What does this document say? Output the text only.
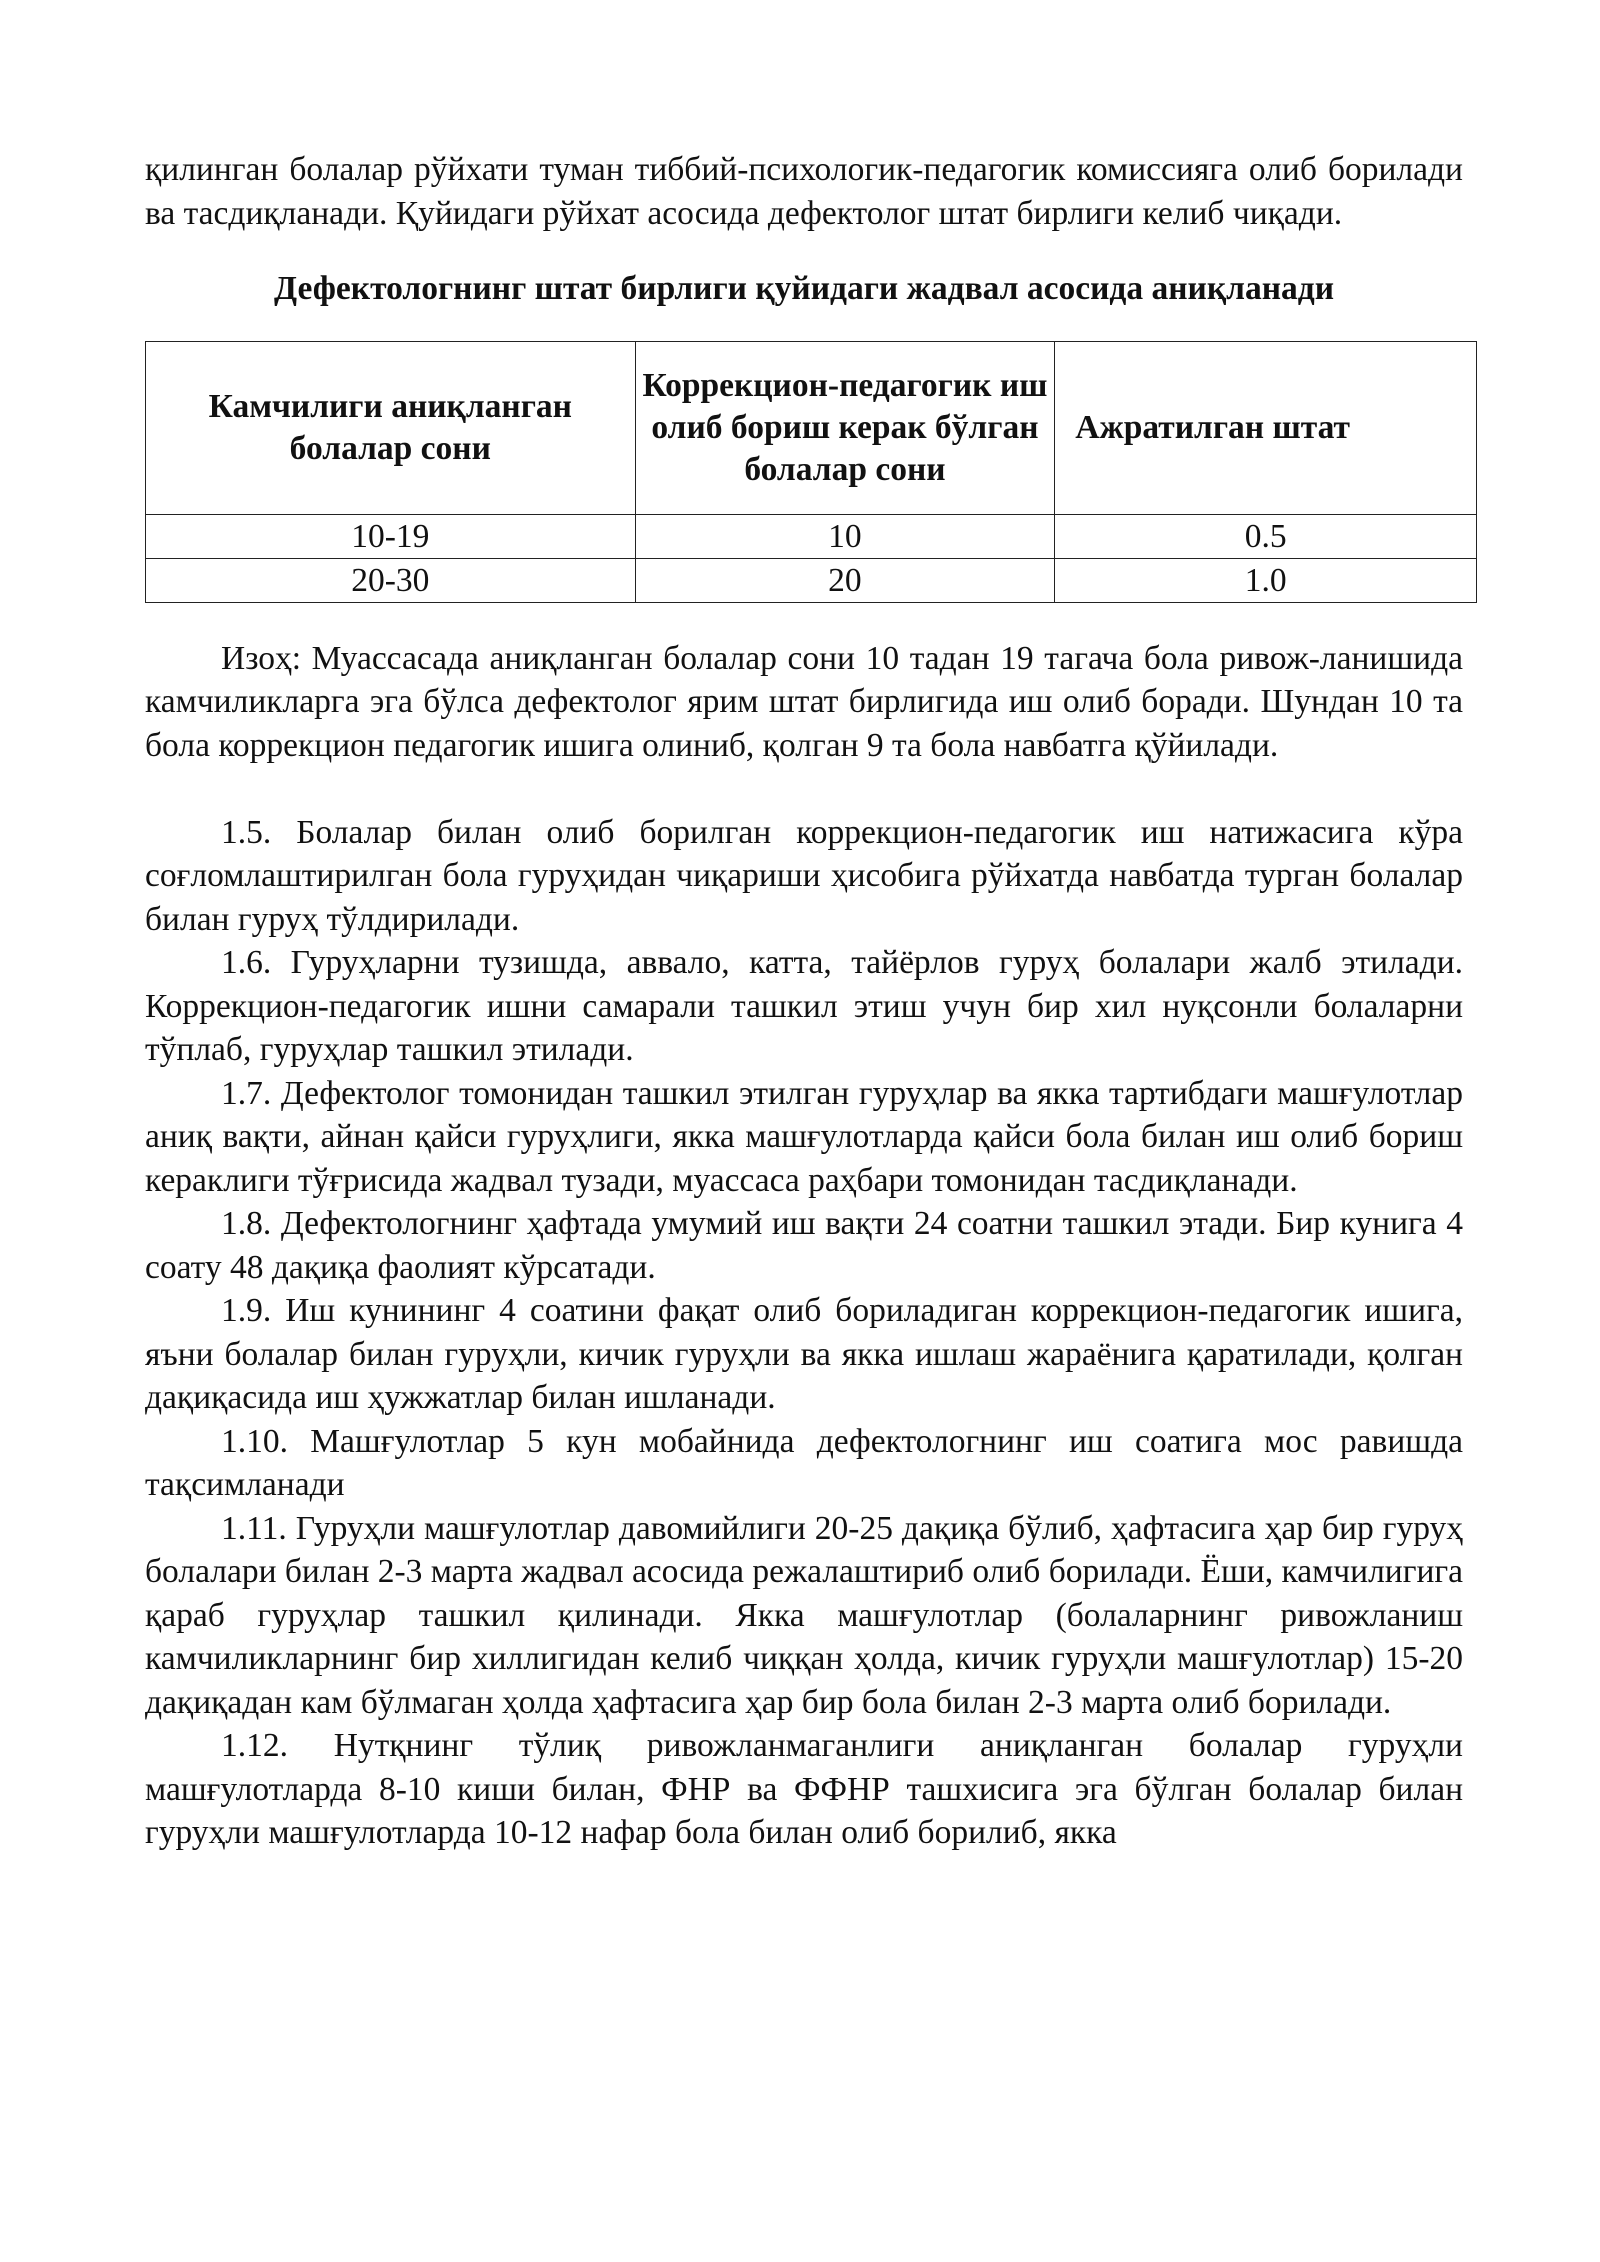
қилинган болалар рўйхати туман тиббий-психологик-педагогик комиссияга олиб борилади ва тасдиқланади. Қуйидаги рўйхат асосида дефектолог штат бирлиги келиб чиқади.

Дефектологнинг штат бирлиги қуйидаги жадвал асосида аниқланади

Камчилиги аниқланган болалар сони	Коррекцион-педагогик иш олиб бориш керак бўлган болалар сони	Ажратилган штат
10-19	10	0.5
20-30	20	1.0

Изоҳ: Муассасада аниқланган болалар сони 10 тадан 19 тагача бола ривож-ланишида камчиликларга эга бўлса дефектолог ярим штат бирлигида иш олиб боради. Шундан 10 та бола коррекцион педагогик ишига олиниб, қолган 9 та бола навбатга қўйилади.

1.5. Болалар билан олиб борилган коррекцион-педагогик иш натижасига кўра соғломлаштирилган бола гуруҳидан чиқариши ҳисобига рўйхатда навбатда турган болалар билан гуруҳ тўлдирилади.

1.6. Гуруҳларни тузишда, аввало, катта, тайёрлов гуруҳ болалари жалб этилади. Коррекцион-педагогик ишни самарали ташкил этиш учун бир хил нуқсонли болаларни тўплаб, гуруҳлар ташкил этилади.

1.7. Дефектолог томонидан ташкил этилган гуруҳлар ва якка тартибдаги машғулотлар аниқ вақти, айнан қайси гуруҳлиги, якка машғулотларда қайси бола билан иш олиб бориш кераклиги тўғрисида жадвал тузади, муассаса раҳбари томонидан тасдиқланади.

1.8. Дефектологнинг ҳафтада умумий иш вақти 24 соатни ташкил этади. Бир кунига 4 соату 48 дақиқа фаолият кўрсатади.

1.9. Иш кунининг 4 соатини фақат олиб бориладиган коррекцион-педагогик ишига, яъни болалар билан гуруҳли, кичик гуруҳли ва якка ишлаш жараёнига қаратилади, қолган дақиқасида иш ҳужжатлар билан ишланади.

1.10. Машғулотлар 5 кун мобайнида дефектологнинг иш соатига мос равишда тақсимланади

1.11. Гуруҳли машғулотлар давомийлиги 20-25 дақиқа бўлиб, ҳафтасига ҳар бир гуруҳ болалари билан 2-3 марта жадвал асосида режалаштириб олиб борилади. Ёши, камчилигига қараб гуруҳлар ташкил қилинади. Якка машғулотлар (болаларнинг ривожланиш камчиликларнинг бир хиллигидан келиб чиққан ҳолда, кичик гуруҳли машғулотлар) 15-20 дақиқадан кам бўлмаган ҳолда ҳафтасига ҳар бир бола билан 2-3 марта олиб борилади.

1.12. Нутқнинг тўлиқ ривожланмаганлиги аниқланган болалар гуруҳли машғулотларда 8-10 киши билан, ФНР ва ФФНР ташхисига эга бўлган болалар билан гуруҳли машғулотларда 10-12 нафар бола билан олиб борилиб, якка
